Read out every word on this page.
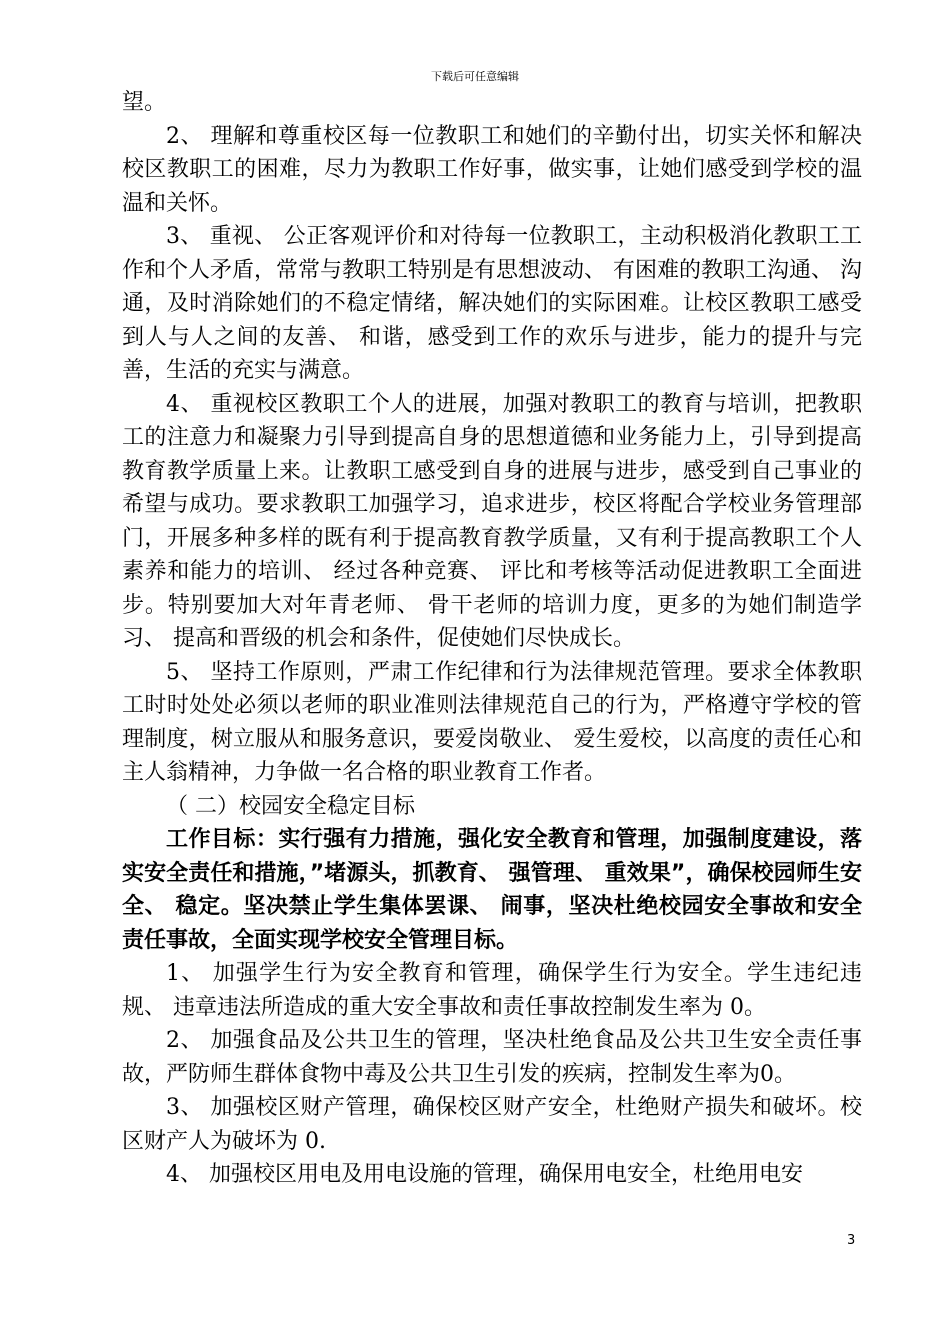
下载后可任意编辑

望。

2、 理解和尊重校区每一位教职工和她们的辛勤付出，切实关怀和解决校区教职工的困难，尽力为教职工作好事，做实事，让她们感受到学校的温温和关怀。

3、 重视、 公正客观评价和对待每一位教职工，主动积极消化教职工工作和个人矛盾，常常与教职工特别是有思想波动、 有困难的教职工沟通、 沟通，及时消除她们的不稳定情绪，解决她们的实际困难。让校区教职工感受到人与人之间的友善、 和谐，感受到工作的欢乐与进步，能力的提升与完善，生活的充实与满意。

4、 重视校区教职工个人的进展，加强对教职工的教育与培训，把教职工的注意力和凝聚力引导到提高自身的思想道德和业务能力上，引导到提高教育教学质量上来。让教职工感受到自身的进展与进步，感受到自己事业的希望与成功。要求教职工加强学习，追求进步，校区将配合学校业务管理部门，开展多种多样的既有利于提高教育教学质量，又有利于提高教职工个人素养和能力的培训、 经过各种竞赛、 评比和考核等活动促进教职工全面进步。特别要加大对年青老师、 骨干老师的培训力度，更多的为她们制造学习、 提高和晋级的机会和条件，促使她们尽快成长。

5、 坚持工作原则，严肃工作纪律和行为法律规范管理。要求全体教职工时时处处必须以老师的职业准则法律规范自己的行为，严格遵守学校的管理制度，树立服从和服务意识，要爱岗敬业、 爱生爱校，以高度的责任心和主人翁精神，力争做一名合格的职业教育工作者。

（ 二）校园安全稳定目标

工作目标：实行强有力措施，强化安全教育和管理，加强制度建设，落实安全责任和措施，”堵源头，抓教育、 强管理、 重效果”，确保校园师生安全、 稳定。坚决禁止学生集体罢课、 闹事，坚决杜绝校园安全事故和安全责任事故，全面实现学校安全管理目标。

1、 加强学生行为安全教育和管理，确保学生行为安全。学生违纪违规、 违章违法所造成的重大安全事故和责任事故控制发生率为 0。

2、 加强食品及公共卫生的管理，坚决杜绝食品及公共卫生安全责任事故，严防师生群体食物中毒及公共卫生引发的疾病，控制发生率为0。

3、 加强校区财产管理，确保校区财产安全，杜绝财产损失和破坏。校区财产人为破坏为 0.

4、 加强校区用电及用电设施的管理，确保用电安全，杜绝用电安

3
